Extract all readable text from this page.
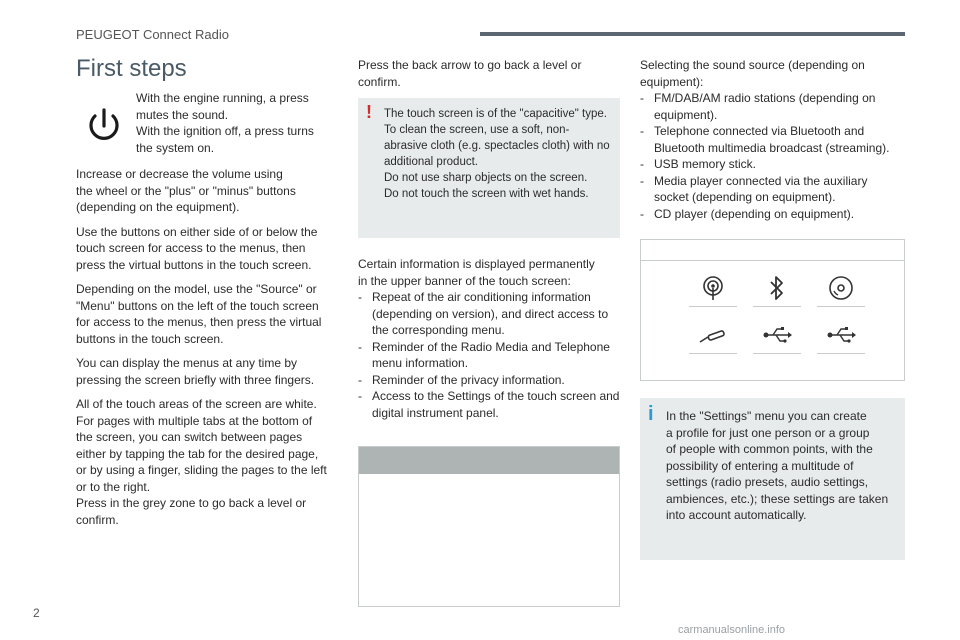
PEUGEOT Connect Radio
First steps
With the engine running, a press
mutes the sound.
With the ignition off, a press turns
the system on.

Increase or decrease the volume using
the wheel or the "plus" or "minus" buttons
(depending on the equipment).

Use the buttons on either side of or below the
touch screen for access to the menus, then
press the virtual buttons in the touch screen.

Depending on the model, use the "Source" or
"Menu" buttons on the left of the touch screen
for access to the menus, then press the virtual
buttons in the touch screen.

You can display the menus at any time by
pressing the screen briefly with three fingers.

All of the touch areas of the screen are white.
For pages with multiple tabs at the bottom of
the screen, you can switch between pages
either by tapping the tab for the desired page,
or by using a finger, sliding the pages to the left
or to the right.
Press in the grey zone to go back a level or
confirm.

Press the back arrow to go back a level or
confirm.

! The touch screen is of the "capacitive" type.
To clean the screen, use a soft, non-
abrasive cloth (e.g. spectacles cloth) with no
additional product.
Do not use sharp objects on the screen.
Do not touch the screen with wet hands.
Certain information is displayed permanently
in the upper banner of the touch screen:
- Repeat of the air conditioning information (depending on version), and direct access to the corresponding menu.
- Reminder of the Radio Media and Telephone menu information.
- Reminder of the privacy information.
- Access to the Settings of the touch screen and digital instrument panel.
Selecting the sound source (depending on
equipment):
- FM/DAB/AM radio stations (depending on equipment).
- Telephone connected via Bluetooth and Bluetooth multimedia broadcast (streaming).
- USB memory stick.
- Media player connected via the auxiliary socket (depending on equipment).
- CD player (depending on equipment).
i In the "Settings" menu you can create
a profile for just one person or a group
of people with common points, with the
possibility of entering a multitude of
settings (radio presets, audio settings,
ambiences, etc.); these settings are taken
into account automatically.
2
carmanualsonline.info
